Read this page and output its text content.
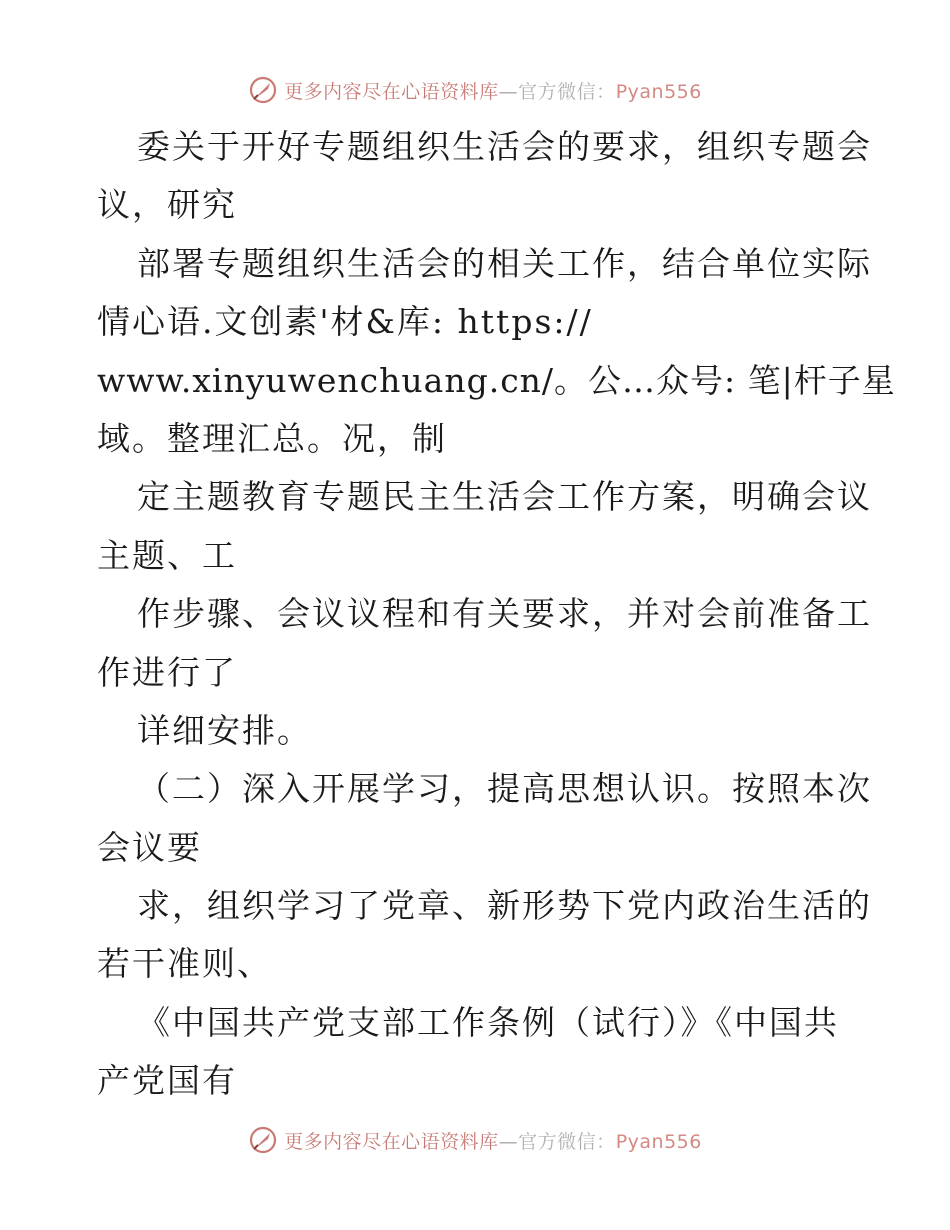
更多内容尽在心语资料库—官方微信：Pyan556
委关于开好专题组织生活会的要求，组织专题会
议，研究
部署专题组织生活会的相关工作，结合单位实际
情心语.文创素'材&库: https://
www.xinyuwenchuang.cn/。公…众号: 笔|杆子星
域。整理汇总。况，制
定主题教育专题民主生活会工作方案，明确会议
主题、工
作步骤、会议议程和有关要求，并对会前准备工
作进行了
详细安排。
（二）深入开展学习，提高思想认识。按照本次
会议要
求，组织学习了党章、新形势下党内政治生活的
若干准则、
《中国共产党支部工作条例（试行）》《中国共
产党国有
更多内容尽在心语资料库—官方微信：Pyan556
